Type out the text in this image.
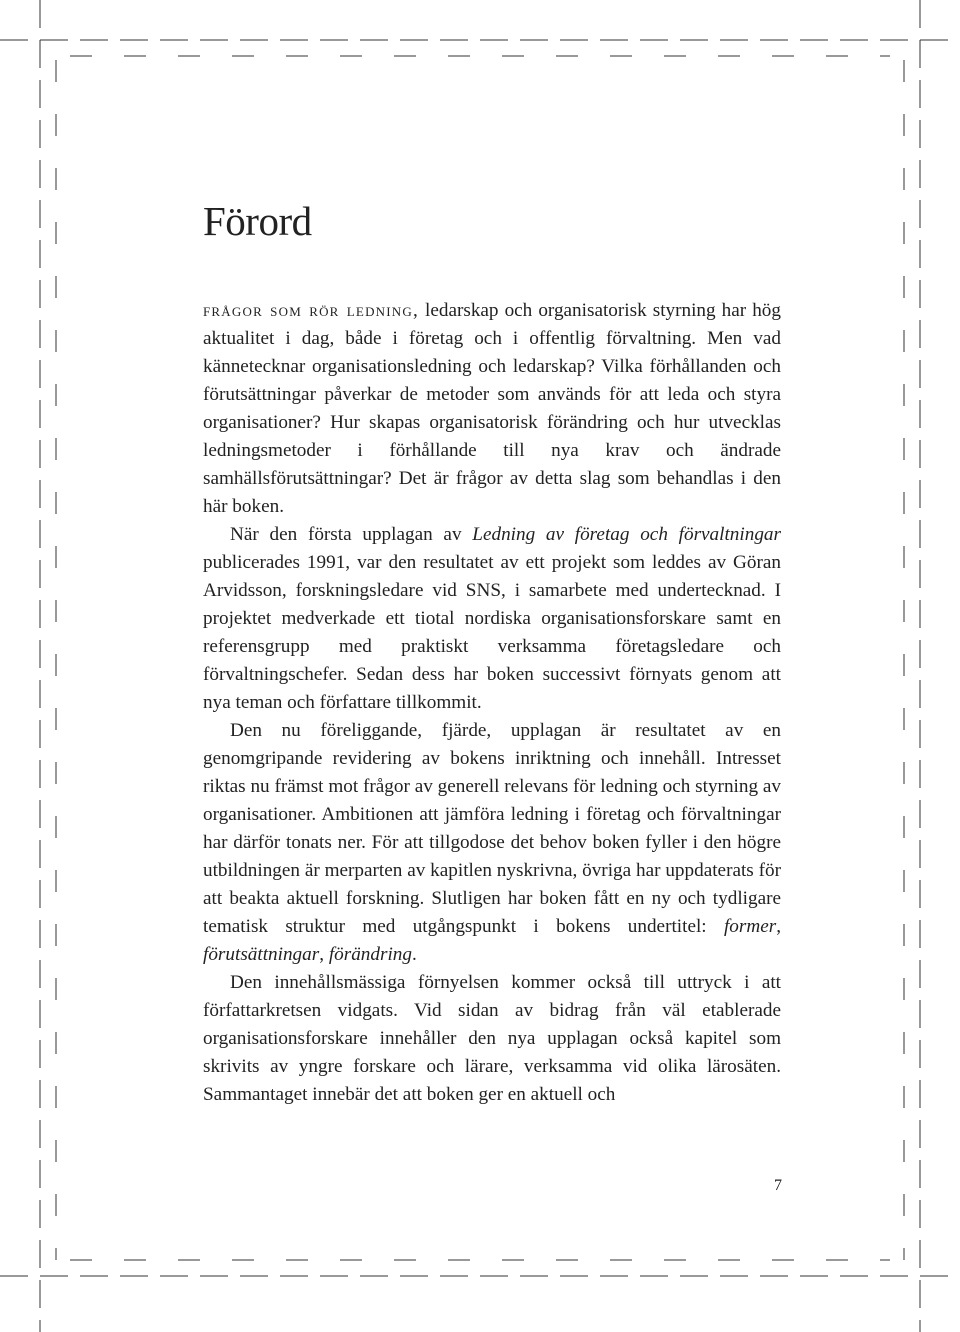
Förord

frågor som rör ledning, ledarskap och organisatorisk styrning har hög aktualitet i dag, både i företag och i offentlig förvaltning. Men vad kännetecknar organisationsledning och ledarskap? Vilka förhållanden och förutsättningar påverkar de metoder som används för att leda och styra organisationer? Hur skapas organisatorisk förändring och hur utvecklas ledningsmetoder i förhållande till nya krav och ändrade samhällsförutsättningar? Det är frågor av detta slag som behandlas i den här boken.

När den första upplagan av Ledning av företag och förvaltningar publicerades 1991, var den resultatet av ett projekt som leddes av Göran Arvidsson, forskningsledare vid SNS, i samarbete med undertecknad. I projektet medverkade ett tiotal nordiska organisationsforskare samt en referensgrupp med praktiskt verksamma företagsledare och förvaltningschefer. Sedan dess har boken successivt förnyats genom att nya teman och författare tillkommit.

Den nu föreliggande, fjärde, upplagan är resultatet av en genomgripande revidering av bokens inriktning och innehåll. Intresset riktas nu främst mot frågor av generell relevans för ledning och styrning av organisationer. Ambitionen att jämföra ledning i företag och förvaltningar har därför tonats ner. För att tillgodose det behov boken fyller i den högre utbildningen är merparten av kapitlen nyskrivna, övriga har uppdaterats för att beakta aktuell forskning. Slutligen har boken fått en ny och tydligare tematisk struktur med utgångspunkt i bokens undertitel: former, förutsättningar, förändring.

Den innehållsmässiga förnyelsen kommer också till uttryck i att författarkretsen vidgats. Vid sidan av bidrag från väl etablerade organisationsforskare innehåller den nya upplagan också kapitel som skrivits av yngre forskare och lärare, verksamma vid olika lärosäten. Sammantaget innebär det att boken ger en aktuell och

7
